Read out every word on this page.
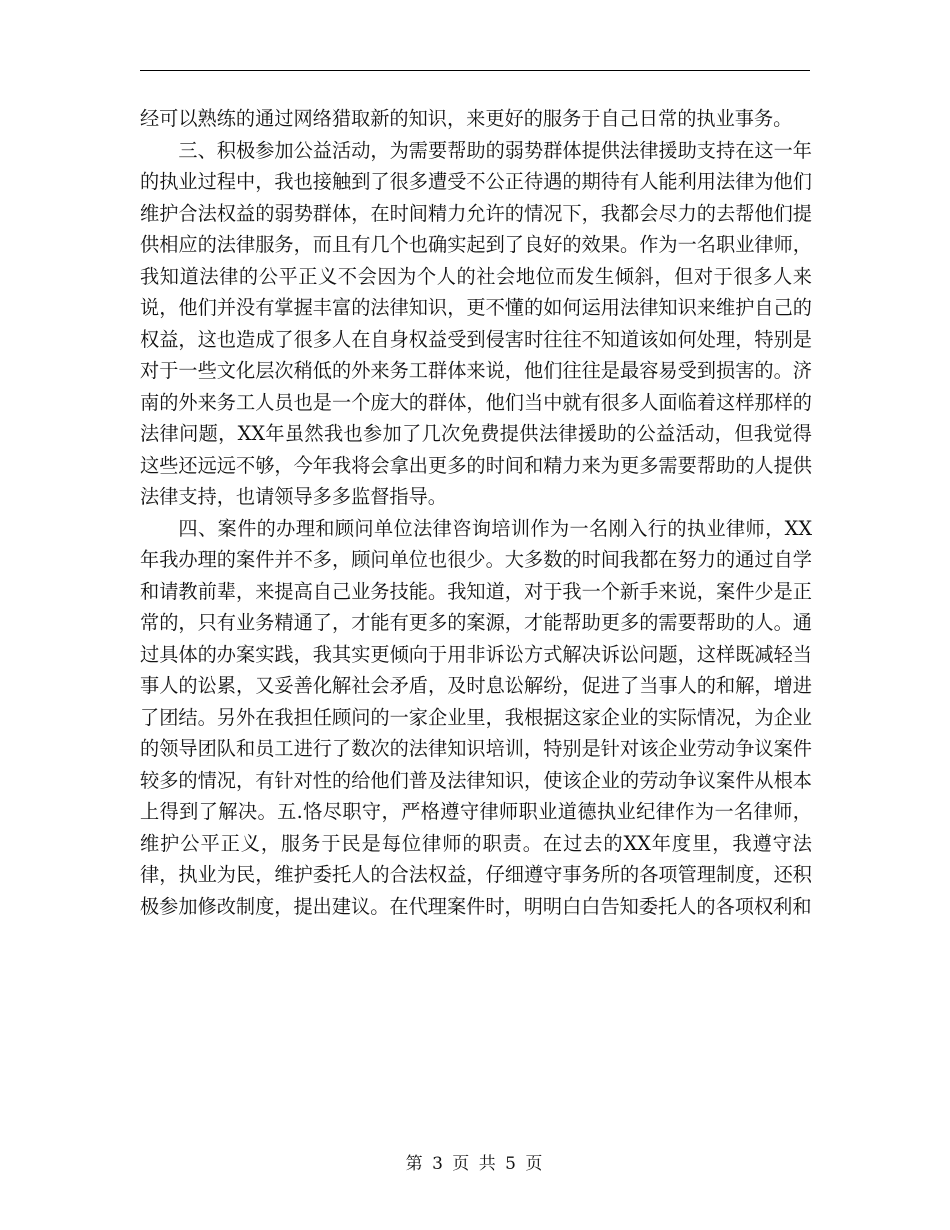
经可以熟练的通过网络猎取新的知识，来更好的服务于自己日常的执业事务。

三、积极参加公益活动，为需要帮助的弱势群体提供法律援助支持在这一年的执业过程中，我也接触到了很多遭受不公正待遇的期待有人能利用法律为他们维护合法权益的弱势群体，在时间精力允许的情况下，我都会尽力的去帮他们提供相应的法律服务，而且有几个也确实起到了良好的效果。作为一名职业律师，我知道法律的公平正义不会因为个人的社会地位而发生倾斜，但对于很多人来说，他们并没有掌握丰富的法律知识，更不懂的如何运用法律知识来维护自己的权益，这也造成了很多人在自身权益受到侵害时往往不知道该如何处理，特别是对于一些文化层次稍低的外来务工群体来说，他们往往是最容易受到损害的。济南的外来务工人员也是一个庞大的群体，他们当中就有很多人面临着这样那样的法律问题，XX年虽然我也参加了几次免费提供法律援助的公益活动，但我觉得这些还远远不够，今年我将会拿出更多的时间和精力来为更多需要帮助的人提供法律支持，也请领导多多监督指导。

四、案件的办理和顾问单位法律咨询培训作为一名刚入行的执业律师，XX年我办理的案件并不多，顾问单位也很少。大多数的时间我都在努力的通过自学和请教前辈，来提高自己业务技能。我知道，对于我一个新手来说，案件少是正常的，只有业务精通了，才能有更多的案源，才能帮助更多的需要帮助的人。通过具体的办案实践，我其实更倾向于用非诉讼方式解决诉讼问题，这样既减轻当事人的讼累，又妥善化解社会矛盾，及时息讼解纷，促进了当事人的和解，增进了团结。另外在我担任顾问的一家企业里，我根据这家企业的实际情况，为企业的领导团队和员工进行了数次的法律知识培训，特别是针对该企业劳动争议案件较多的情况，有针对性的给他们普及法律知识，使该企业的劳动争议案件从根本上得到了解决。五.恪尽职守，严格遵守律师职业道德执业纪律作为一名律师，维护公平正义，服务于民是每位律师的职责。在过去的XX年度里，我遵守法律，执业为民，维护委托人的合法权益，仔细遵守事务所的各项管理制度，还积极参加修改制度，提出建议。在代理案件时，明明白白告知委托人的各项权利和

第 3 页 共 5 页
